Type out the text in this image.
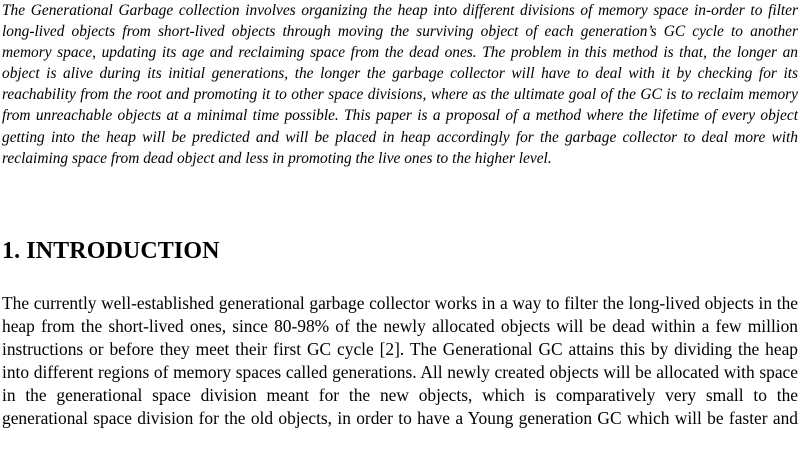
The Generational Garbage collection involves organizing the heap into different divisions of memory space in-order to filter long-lived objects from short-lived objects through moving the surviving object of each generation’s GC cycle to another memory space, updating its age and reclaiming space from the dead ones. The problem in this method is that, the longer an object is alive during its initial generations, the longer the garbage collector will have to deal with it by checking for its reachability from the root and promoting it to other space divisions, where as the ultimate goal of the GC is to reclaim memory from unreachable objects at a minimal time possible. This paper is a proposal of a method where the lifetime of every object getting into the heap will be predicted and will be placed in heap accordingly for the garbage collector to deal more with reclaiming space from dead object and less in promoting the live ones to the higher level.

1. INTRODUCTION

The currently well-established generational garbage collector works in a way to filter the long-lived objects in the heap from the short-lived ones, since 80-98% of the newly allocated objects will be dead within a few million instructions or before they meet their first GC cycle [2]. The Generational GC attains this by dividing the heap into different regions of memory spaces called generations. All newly created objects will be allocated with space in the generational space division meant for the new objects, which is comparatively very small to the generational space division for the old objects, in order to have a Young generation GC which will be faster and
